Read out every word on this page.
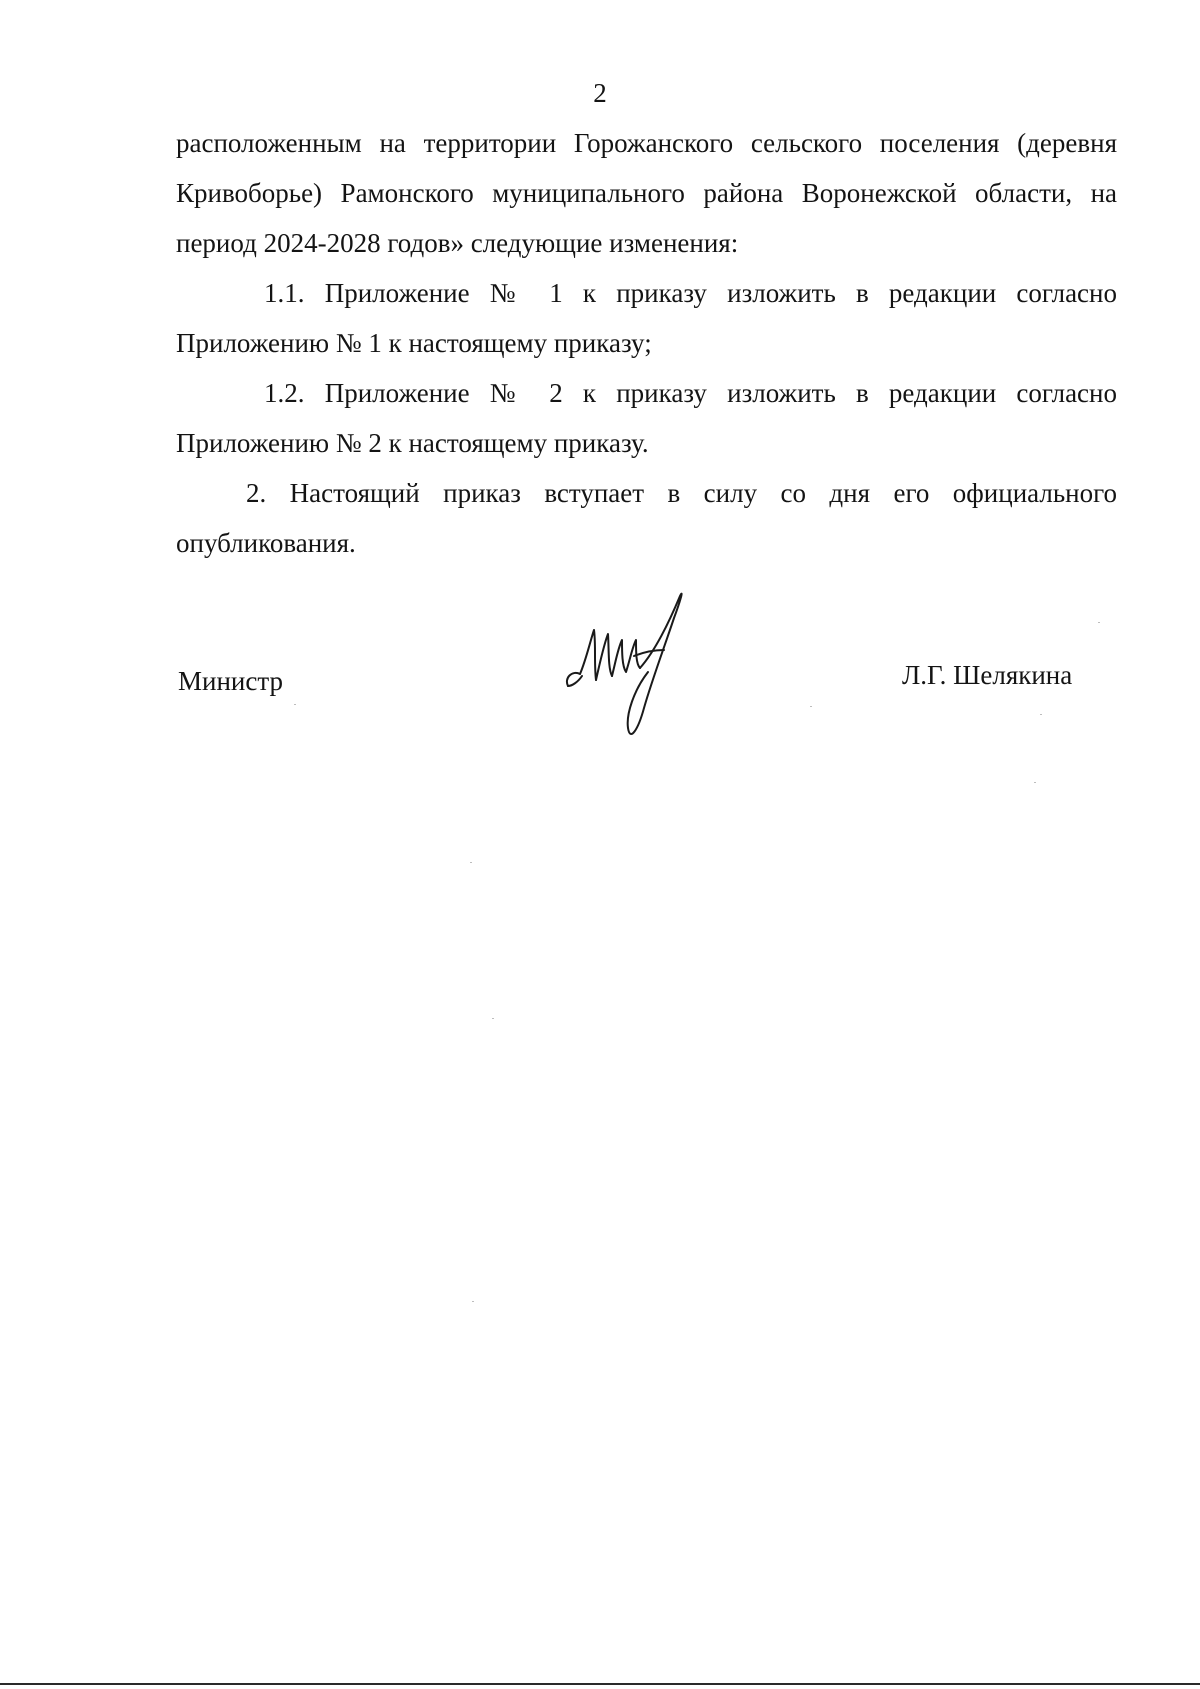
2

расположенным на территории Горожанского сельского поселения (деревня Кривоборье) Рамонского муниципального района Воронежской области, на период 2024-2028 годов» следующие изменения:

1.1. Приложение № 1 к приказу изложить в редакции согласно Приложению № 1 к настоящему приказу;

1.2. Приложение № 2 к приказу изложить в редакции согласно Приложению № 2 к настоящему приказу.

2. Настоящий приказ вступает в силу со дня его официального опубликования.

Министр	Л.Г. Шелякина
